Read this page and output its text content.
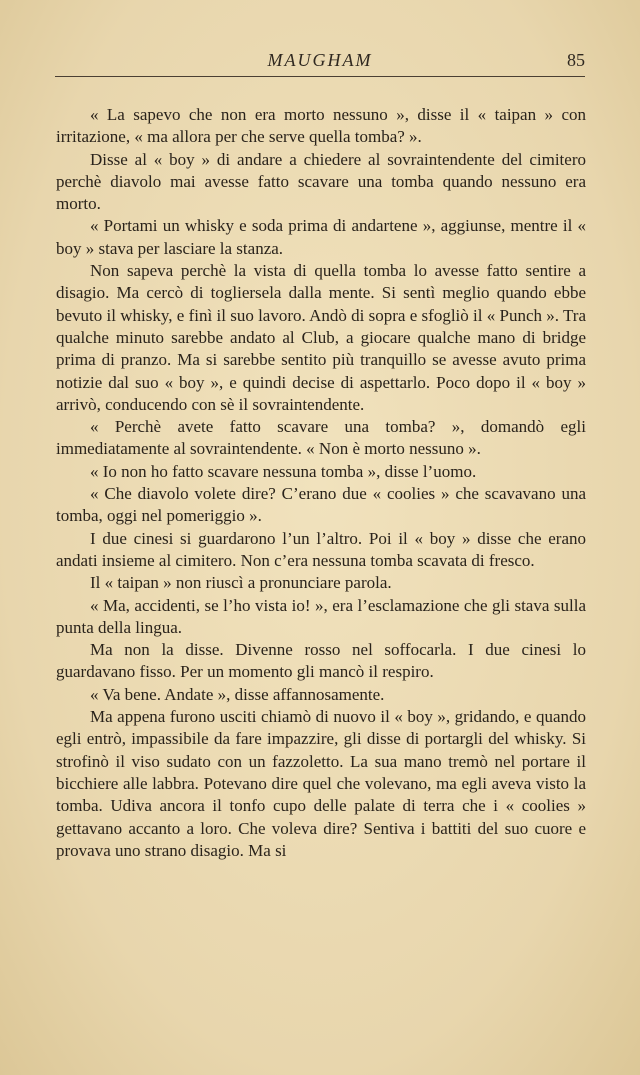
MAUGHAM	85

« La sapevo che non era morto nessuno », disse il « taipan » con irritazione, « ma allora per che serve quella tomba? ».

Disse al « boy » di andare a chiedere al sovraintendente del cimitero perchè diavolo mai avesse fatto scavare una tomba quando nessuno era morto.

« Portami un whisky e soda prima di andartene », aggiunse, mentre il « boy » stava per lasciare la stanza.

Non sapeva perchè la vista di quella tomba lo avesse fatto sentire a disagio. Ma cercò di togliersela dalla mente. Si sentì meglio quando ebbe bevuto il whisky, e finì il suo lavoro. Andò di sopra e sfogliò il « Punch ». Tra qualche minuto sarebbe andato al Club, a giocare qualche mano di bridge prima di pranzo. Ma si sarebbe sentito più tranquillo se avesse avuto prima notizie dal suo « boy », e quindi decise di aspettarlo. Poco dopo il « boy » arrivò, conducendo con sè il sovraintendente.

« Perchè avete fatto scavare una tomba? », domandò egli immediatamente al sovraintendente. « Non è morto nessuno ».

« Io non ho fatto scavare nessuna tomba », disse l’uomo.

« Che diavolo volete dire? C’erano due « coolies » che scavavano una tomba, oggi nel pomeriggio ».

I due cinesi si guardarono l’un l’altro. Poi il « boy » disse che erano andati insieme al cimitero. Non c’era nessuna tomba scavata di fresco.

Il « taipan » non riuscì a pronunciare parola.

« Ma, accidenti, se l’ho vista io! », era l’esclamazione che gli stava sulla punta della lingua.

Ma non la disse. Divenne rosso nel soffocarla. I due cinesi lo guardavano fisso. Per un momento gli mancò il respiro.

« Va bene. Andate », disse affannosamente.

Ma appena furono usciti chiamò di nuovo il « boy », gridando, e quando egli entrò, impassibile da fare impazzire, gli disse di portargli del whisky. Si strofinò il viso sudato con un fazzoletto. La sua mano tremò nel portare il bicchiere alle labbra. Potevano dire quel che volevano, ma egli aveva visto la tomba. Udiva ancora il tonfo cupo delle palate di terra che i « coolies » gettavano accanto a loro. Che voleva dire? Sentiva i battiti del suo cuore e provava uno strano disagio. Ma si
